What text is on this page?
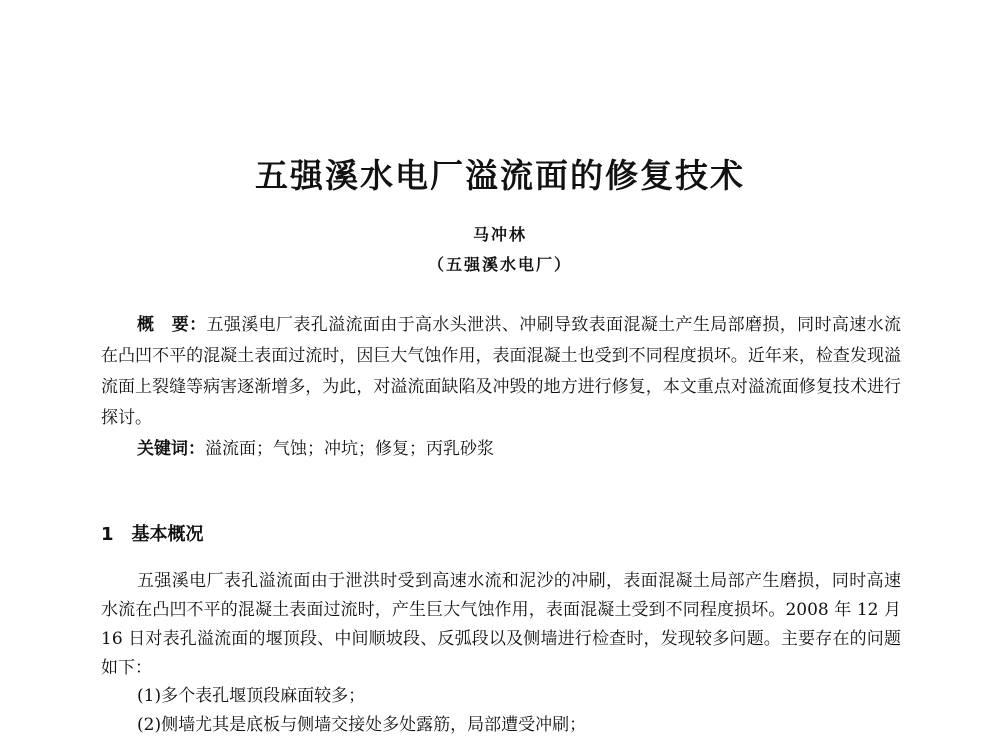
五强溪水电厂溢流面的修复技术
马冲林
（五强溪水电厂）

概　要：五强溪电厂表孔溢流面由于高水头泄洪、冲刷导致表面混凝土产生局部磨损，同时高速水流在凸凹不平的混凝土表面过流时，因巨大气蚀作用，表面混凝土也受到不同程度损坏。近年来，检查发现溢流面上裂缝等病害逐渐增多，为此，对溢流面缺陷及冲毁的地方进行修复，本文重点对溢流面修复技术进行探讨。

关键词：溢流面；气蚀；冲坑；修复；丙乳砂浆

1 基本概况

五强溪电厂表孔溢流面由于泄洪时受到高速水流和泥沙的冲刷，表面混凝土局部产生磨损，同时高速水流在凸凹不平的混凝土表面过流时，产生巨大气蚀作用，表面混凝土受到不同程度损坏。2008 年 12 月 16 日对表孔溢流面的堰顶段、中间顺坡段、反弧段以及侧墙进行检查时，发现较多问题。主要存在的问题如下：

(1)多个表孔堰顶段麻面较多；

(2)侧墙尤其是底板与侧墙交接处多处露筋，局部遭受冲刷；
